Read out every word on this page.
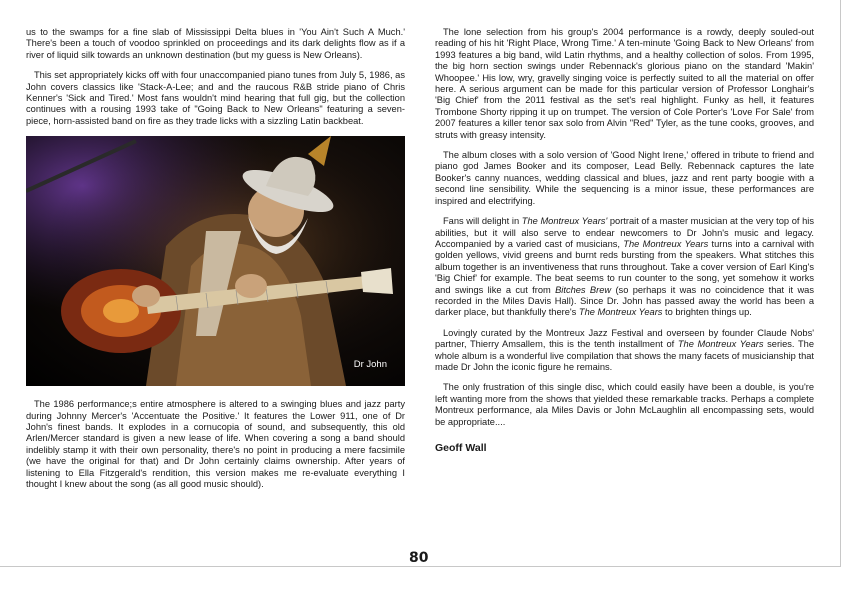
us to the swamps for a fine slab of Mississippi Delta blues in 'You Ain't Such A Much.' There's been a touch of voodoo sprinkled on proceedings and its dark delights flow as if a river of liquid silk towards an unknown destination (but my guess is New Orleans).

This set appropriately kicks off with four unaccompanied piano tunes from July 5, 1986, as John covers classics like 'Stack-A-Lee; and and the raucous R&B stride piano of Chris Kenner's 'Sick and Tired.' Most fans wouldn't mind hearing that full gig, but the collection continues with a rousing 1993 take of "Going Back to New Orleans" featuring a seven-piece, horn-assisted band on fire as they trade licks with a sizzling Latin backbeat.

Dr John

The 1986 performance;s entire atmosphere is altered to a swinging blues and jazz party during Johnny Mercer's 'Accentuate the Positive.' It features the Lower 911, one of Dr John's finest bands. It explodes in a cornucopia of sound, and subsequently, this old Arlen/Mercer standard is given a new lease of life. When covering a song a band should indelibly stamp it with their own personality, there's no point in producing a mere facsimile (we have the original for that) and Dr John certainly claims ownership. After years of listening to Ella Fitzgerald's rendition, this version makes me re-evaluate everything I thought I knew about the song (as all good music should).

The lone selection from his group's 2004 performance is a rowdy, deeply souled-out reading of his hit 'Right Place, Wrong Time.' A ten-minute 'Going Back to New Orleans' from 1993 features a big band, wild Latin rhythms, and a healthy collection of solos. From 1995, the big horn section swings under Rebennack's glorious piano on the standard 'Makin' Whoopee.' His low, wry, gravelly singing voice is perfectly suited to all the material on offer here. A serious argument can be made for this particular version of Professor Longhair's 'Big Chief' from the 2011 festival as the set's real highlight. Funky as hell, it features Trombone Shorty ripping it up on trumpet. The version of Cole Porter's 'Love For Sale' from 2007 features a killer tenor sax solo from Alvin "Red" Tyler, as the tune cooks, grooves, and struts with greasy intensity.

The album closes with a solo version of 'Good Night Irene,' offered in tribute to friend and piano god James Booker and its composer, Lead Belly. Rebennack captures the late Booker's canny nuances, wedding classical and blues, jazz and rent party boogie with a second line sensibility. While the sequencing is a minor issue, these performances are inspired and electrifying.

Fans will delight in The Montreux Years' portrait of a master musician at the very top of his abilities, but it will also serve to endear newcomers to Dr John's music and legacy. Accompanied by a varied cast of musicians, The Montreux Years turns into a carnival with golden yellows, vivid greens and burnt reds bursting from the speakers. What stitches this album together is an inventiveness that runs throughout. Take a cover version of Earl King's 'Big Chief' for example. The beat seems to run counter to the song, yet somehow it works and swings like a cut from Bitches Brew (so perhaps it was no coincidence that it was recorded in the Miles Davis Hall). Since Dr. John has passed away the world has been a darker place, but thankfully there's The Montreux Years to brighten things up.

Lovingly curated by the Montreux Jazz Festival and overseen by founder Claude Nobs' partner, Thierry Amsallem, this is the tenth installment of The Montreux Years series. The whole album is a wonderful live compilation that shows the many facets of musicianship that made Dr John the iconic figure he remains.

The only frustration of this single disc, which could easily have been a double, is you're left wanting more from the shows that yielded these remarkable tracks. Perhaps a complete Montreux performance, ala Miles Davis or John McLaughlin all encompassing sets, would be appropriate....

Geoff Wall
80
